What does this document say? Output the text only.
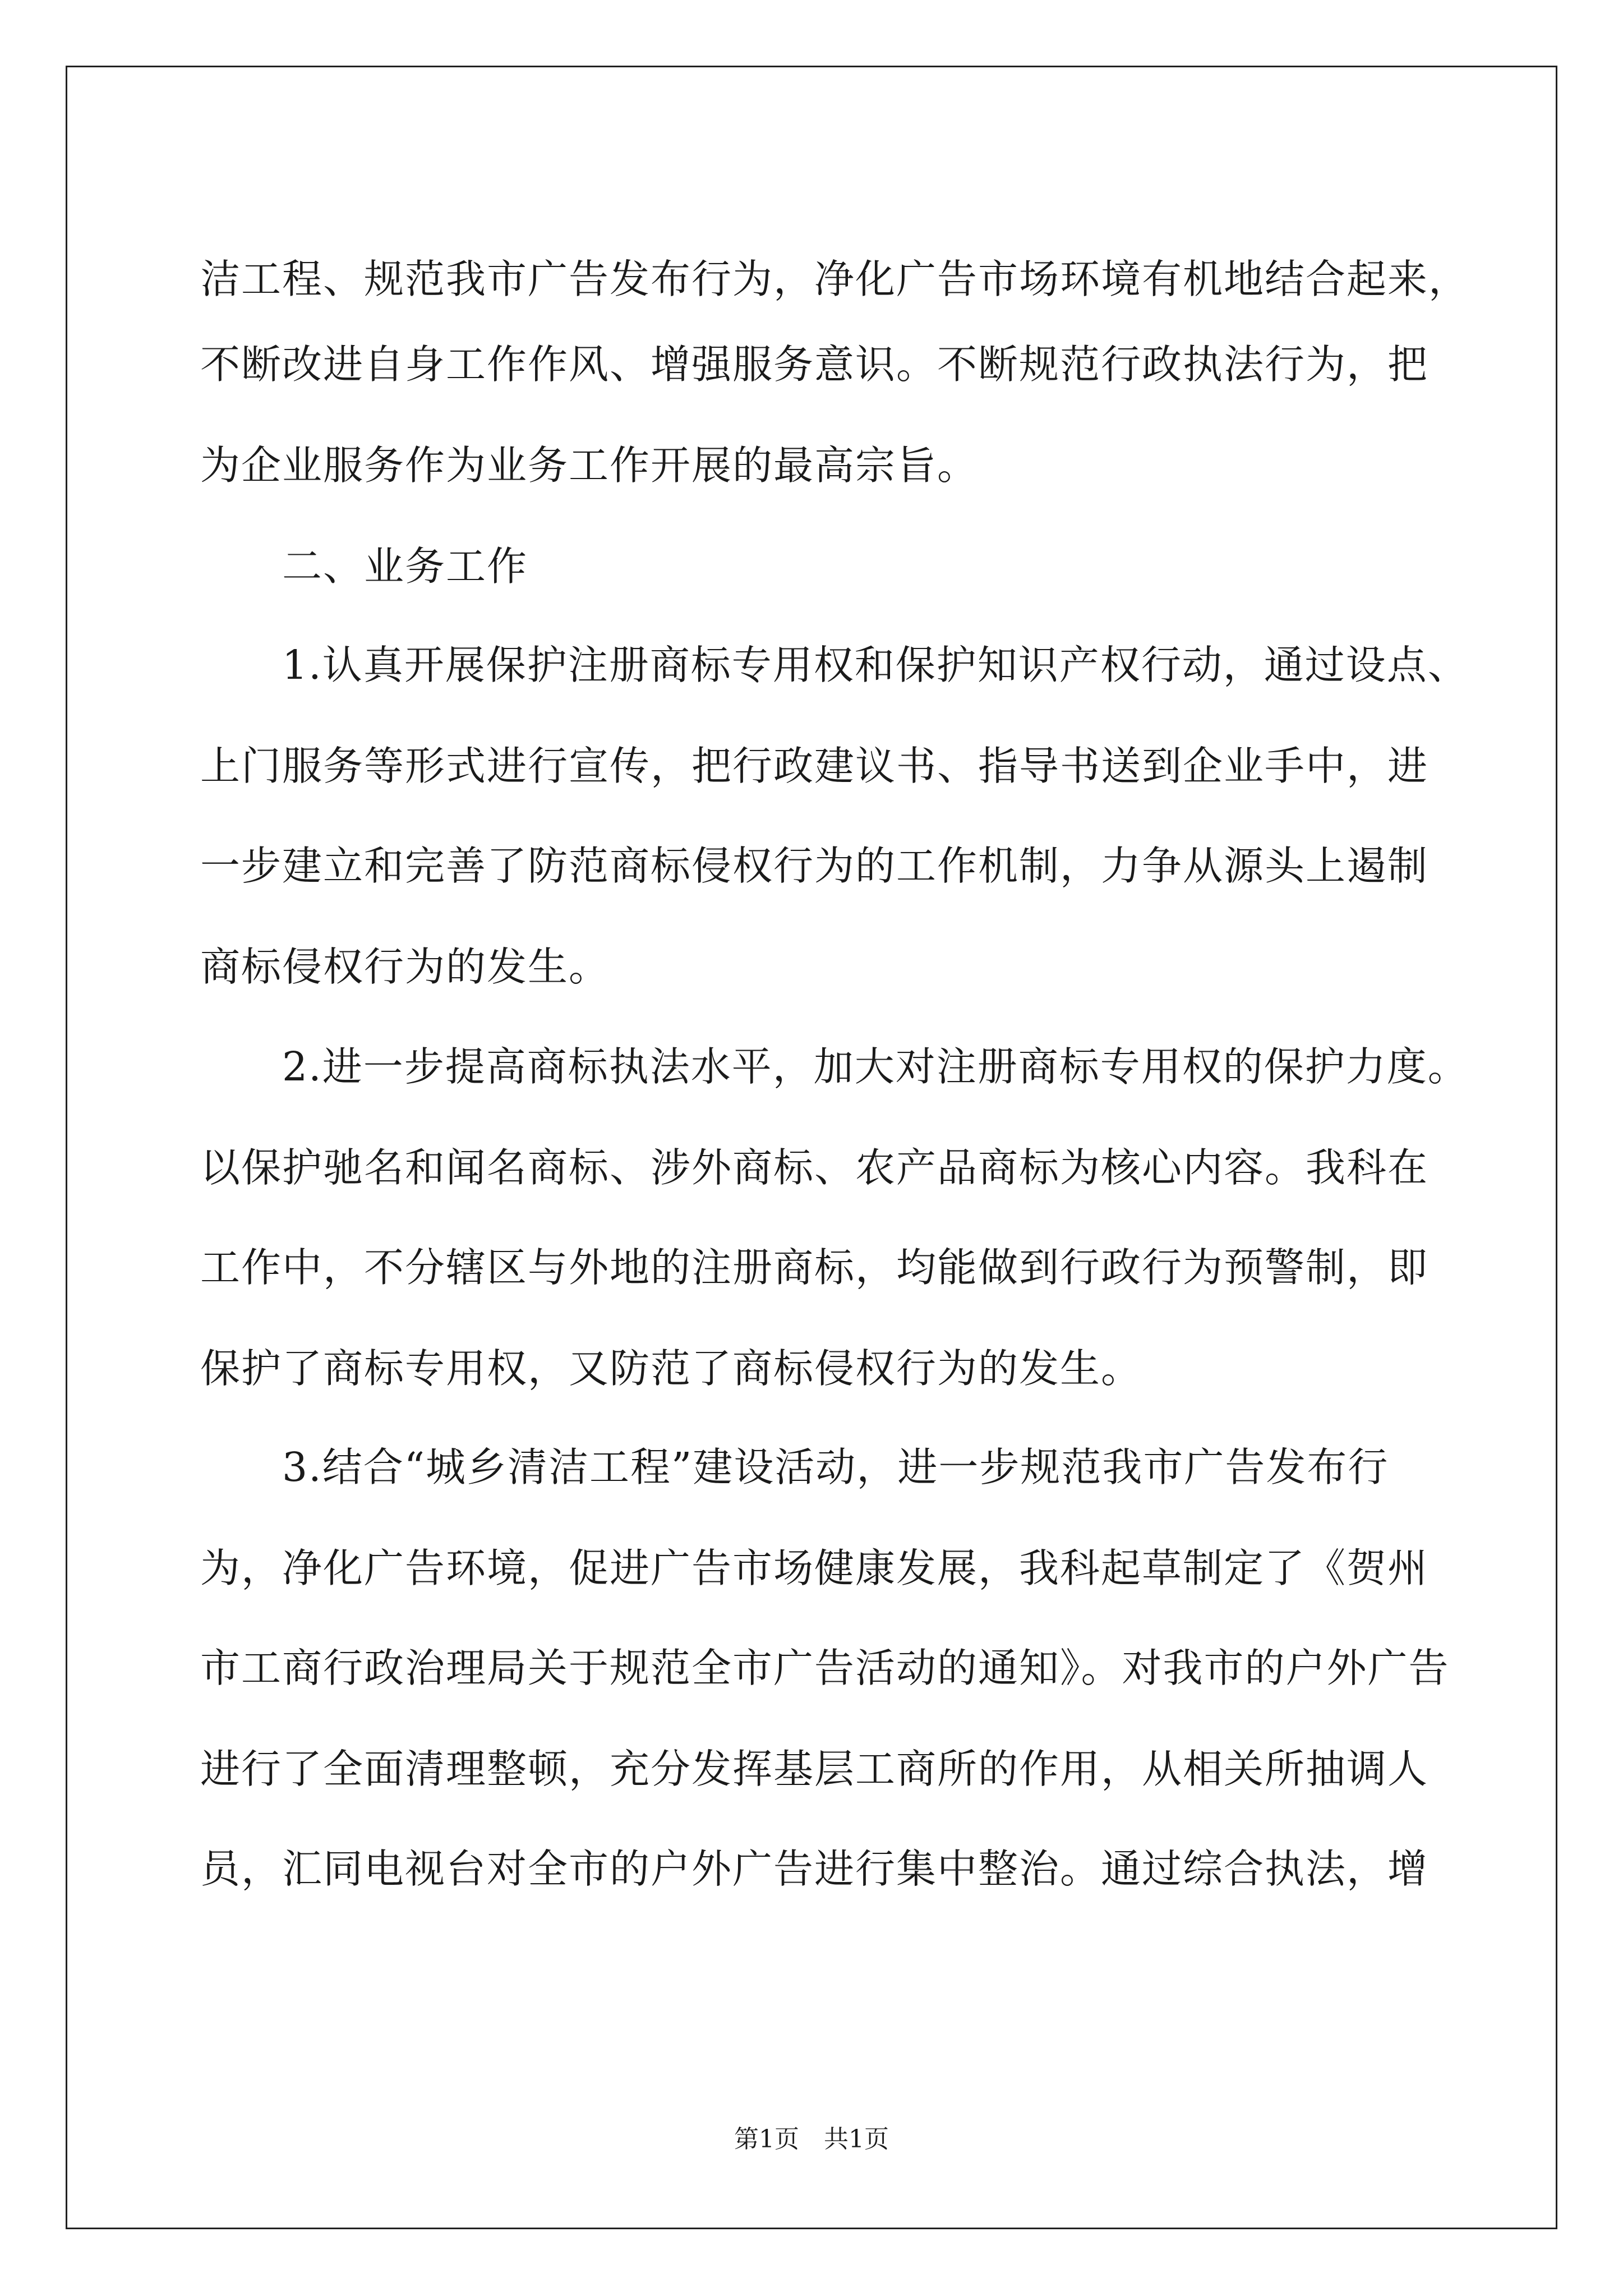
洁工程、规范我市广告发布行为，净化广告市场环境有机地结合起来，
不断改进自身工作作风、增强服务意识。不断规范行政执法行为，把
为企业服务作为业务工作开展的最高宗旨。
　　二、业务工作
　　1.认真开展保护注册商标专用权和保护知识产权行动，通过设点、
上门服务等形式进行宣传，把行政建议书、指导书送到企业手中，进
一步建立和完善了防范商标侵权行为的工作机制，力争从源头上遏制
商标侵权行为的发生。
　　2.进一步提高商标执法水平，加大对注册商标专用权的保护力度。
以保护驰名和闻名商标、涉外商标、农产品商标为核心内容。我科在
工作中，不分辖区与外地的注册商标，均能做到行政行为预警制，即
保护了商标专用权，又防范了商标侵权行为的发生。
　　3.结合“城乡清洁工程”建设活动，进一步规范我市广告发布行
为，净化广告环境，促进广告市场健康发展，我科起草制定了《贺州
市工商行政治理局关于规范全市广告活动的通知》。对我市的户外广告
进行了全面清理整顿，充分发挥基层工商所的作用，从相关所抽调人
员，汇同电视台对全市的户外广告进行集中整治。通过综合执法，增
第1页　共1页
